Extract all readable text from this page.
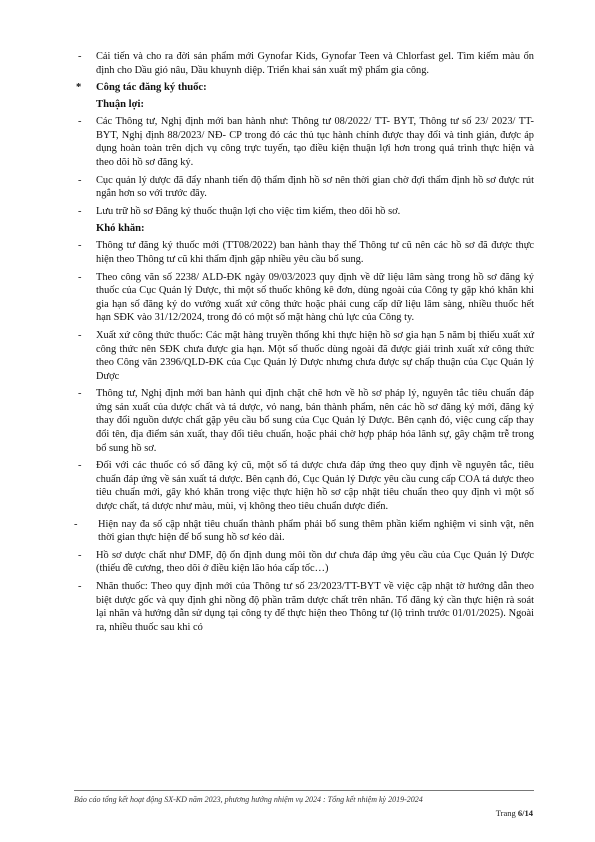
- Cải tiến và cho ra đời sản phẩm mới Gynofar Kids, Gynofar Teen và Chlorfast gel. Tìm kiếm màu ổn định cho Dầu gió nâu, Dầu khuynh diệp. Triển khai sản xuất mỹ phẩm gia công.
* Công tác đăng ký thuốc:
Thuận lợi:
- Các Thông tư, Nghị định mới ban hành như: Thông tư 08/2022/ TT- BYT, Thông tư số 23/ 2023/ TT- BYT, Nghị định 88/2023/ NĐ- CP trong đó các thủ tục hành chính được thay đổi và tinh giản, được áp dụng hoàn toàn trên dịch vụ công trực tuyến, tạo điều kiện thuận lợi hơn trong quá trình thực hiện và theo dõi hồ sơ đăng ký.
- Cục quản lý dược đã đẩy nhanh tiến độ thẩm định hồ sơ nên thời gian chờ đợi thẩm định hồ sơ được rút ngắn hơn so với trước đây.
- Lưu trữ hồ sơ Đăng ký thuốc thuận lợi cho việc tìm kiếm, theo dõi hồ sơ.
Khó khăn:
- Thông tư đăng ký thuốc mới (TT08/2022) ban hành thay thế Thông tư cũ nên các hồ sơ đã được thực hiện theo Thông tư cũ khi thẩm định gặp nhiều yêu cầu bổ sung.
- Theo công văn số 2238/ ALD-ĐK ngày 09/03/2023 quy định về dữ liệu lâm sàng trong hồ sơ đăng ký thuốc của Cục Quản lý Dược, thì một số thuốc không kê đơn, dùng ngoài của Công ty gặp khó khăn khi gia hạn số đăng ký do vướng xuất xứ công thức hoặc phải cung cấp dữ liệu lâm sàng, nhiều thuốc hết hạn SĐK vào 31/12/2024, trong đó có một số mặt hàng chủ lực của Công ty.
- Xuất xứ công thức thuốc: Các mặt hàng truyền thống khi thực hiện hồ sơ gia hạn 5 năm bị thiếu xuất xứ công thức nên SĐK chưa được gia hạn. Một số thuốc dùng ngoài đã được giải trình xuất xứ công thức theo Công văn 2396/QLD-ĐK của Cục Quản lý Dược nhưng chưa được sự chấp thuận của Cục Quản lý Dược
- Thông tư, Nghị định mới ban hành qui định chặt chẽ hơn về hồ sơ pháp lý, nguyên tắc tiêu chuẩn đáp ứng sản xuất của dược chất và tá dược, vỏ nang, bán thành phẩm, nên các hồ sơ đăng ký mới, đăng ký thay đổi nguồn dược chất gặp yêu cầu bổ sung của Cục Quản lý Dược. Bên cạnh đó, việc cung cấp thay đổi tên, địa điểm sản xuất, thay đổi tiêu chuẩn, hoặc phải chờ hợp pháp hóa lãnh sự, gây chậm trễ trong bổ sung hồ sơ.
- Đối với các thuốc có số đăng ký cũ, một số tá dược chưa đáp ứng theo quy định về nguyên tắc, tiêu chuẩn đáp ứng về sản xuất tá dược. Bên cạnh đó, Cục Quản lý Dược yêu cầu cung cấp COA tá dược theo tiêu chuẩn mới, gây khó khăn trong việc thực hiện hồ sơ cập nhật tiêu chuẩn theo quy định vì một số dược chất, tá dược như màu, mùi, vị không theo tiêu chuẩn dược điển.
- Hiện nay đa số cập nhật tiêu chuẩn thành phẩm phải bổ sung thêm phần kiểm nghiệm vi sinh vật, nên thời gian thực hiện để bổ sung hồ sơ kéo dài.
- Hồ sơ dược chất như DMF, độ ổn định dung môi tồn dư chưa đáp ứng yêu cầu của Cục Quản lý Dược (thiếu đề cương, theo dõi ở điều kiện lão hóa cấp tốc…)
- Nhãn thuốc: Theo quy định mới của Thông tư số 23/2023/TT-BYT về việc cập nhật tờ hướng dẫn theo biệt dược gốc và quy định ghi nồng độ phần trăm dược chất trên nhãn. Tổ đăng ký cần thực hiện rà soát lại nhãn và hướng dẫn sử dụng tại công ty để thực hiện theo Thông tư (lộ trình trước 01/01/2025). Ngoài ra, nhiều thuốc sau khi có
Báo cáo tổng kết hoạt động SX-KD năm 2023, phương hướng nhiệm vụ 2024 : Tổng kết nhiệm kỳ 2019-2024
Trang 6/14
